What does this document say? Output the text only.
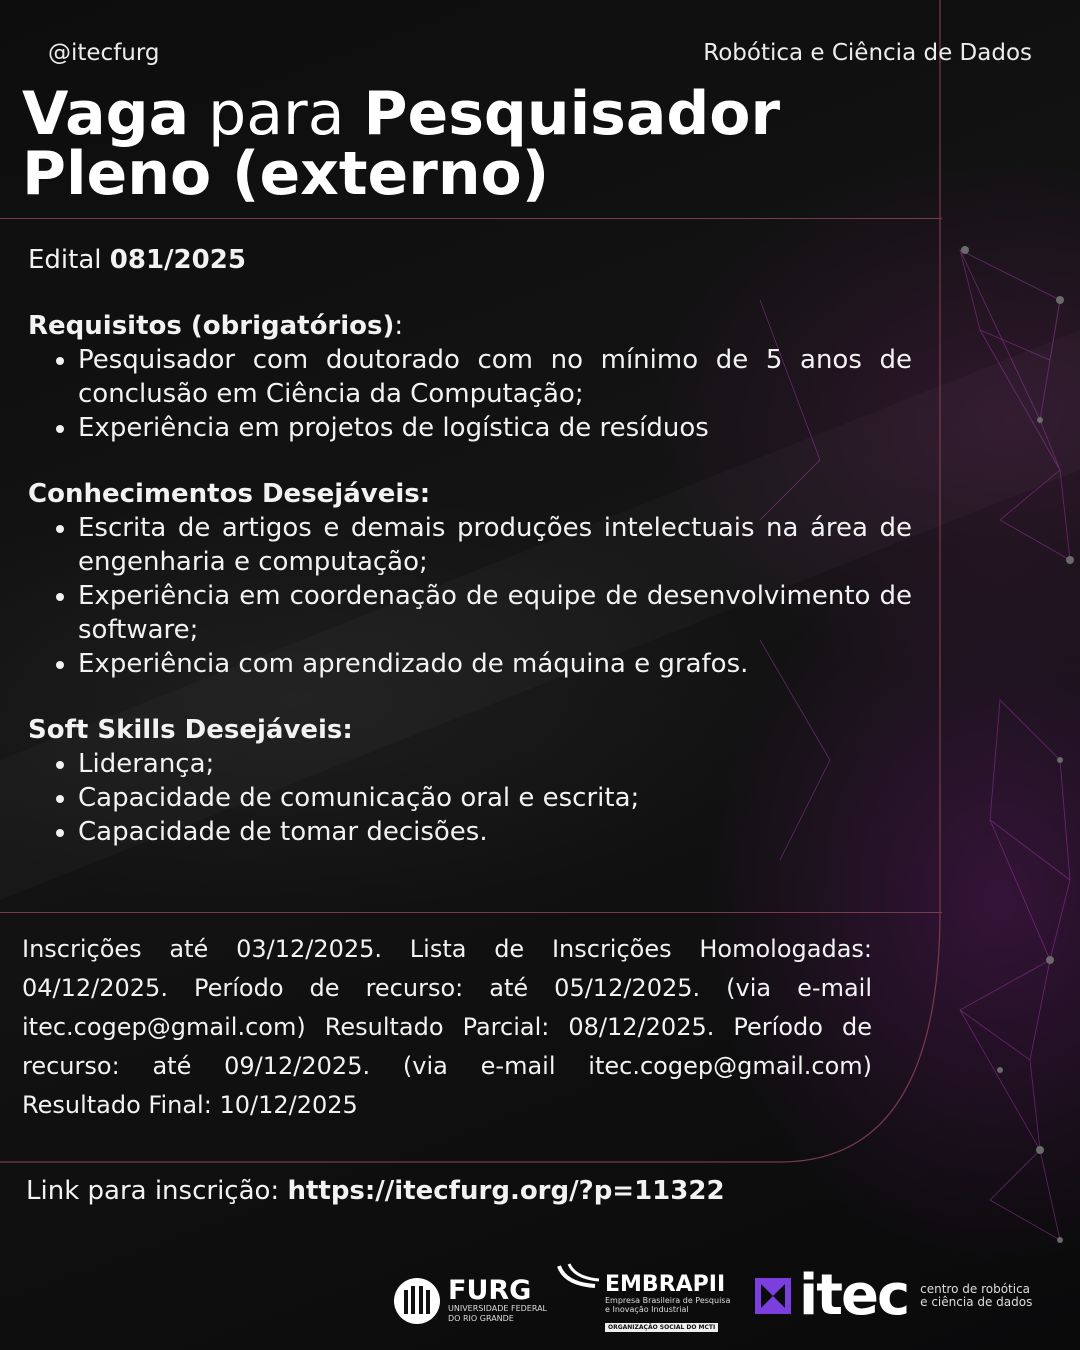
@itecfurg	Robótica e Ciência de Dados
Vaga para Pesquisador Pleno (externo)

Edital 081/2025

Requisitos (obrigatórios):

• Pesquisador com doutorado com no mínimo de 5 anos de conclusão em Ciência da Computação;
• Experiência em projetos de logística de resíduos

Conhecimentos Desejáveis:

• Escrita de artigos e demais produções intelectuais na área de engenharia e computação;
• Experiência em coordenação de equipe de desenvolvimento de software;
• Experiência com aprendizado de máquina e grafos.

Soft Skills Desejáveis:

• Liderança;
• Capacidade de comunicação oral e escrita;
• Capacidade de tomar decisões.

Inscrições até 03/12/2025. Lista de Inscrições Homologadas: 04/12/2025. Período de recurso: até 05/12/2025. (via e-mail itec.cogep@gmail.com) Resultado Parcial: 08/12/2025. Período de recurso: até 09/12/2025. (via e-mail itec.cogep@gmail.com) Resultado Final: 10/12/2025

Link para inscrição: https://itecfurg.org/?p=11322

FURG
UNIVERSIDADE FEDERAL
DO RIO GRANDE
EMBRAPII
Empresa Brasileira de Pesquisa
e Inovação Industrial
ORGANIZAÇÃO SOCIAL DO MCTI itec centro de robótica
e ciência de dados
